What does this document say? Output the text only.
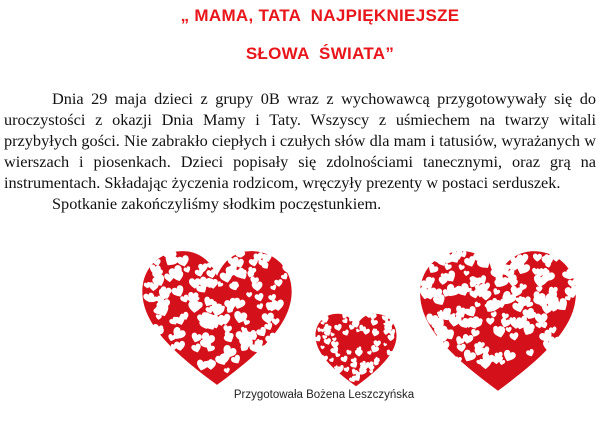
„ MAMA, TATA  NAJPIĘKNIEJSZE
SŁOWA  ŚWIATA”

Dnia 29 maja dzieci z grupy 0B wraz z wychowawcą przygotowywały się do uroczystości z okazji Dnia Mamy i Taty. Wszyscy z uśmiechem na twarzy witali przybyłych gości. Nie zabrakło ciepłych i czułych słów dla mam i tatusiów, wyrażanych w wierszach i piosenkach. Dzieci popisały się zdolnościami tanecznymi, oraz grą na instrumentach. Składając życzenia rodzicom, wręczyły prezenty w postaci serduszek.

Spotkanie zakończyliśmy słodkim poczęstunkiem.

Przygotowała Bożena Leszczyńska
